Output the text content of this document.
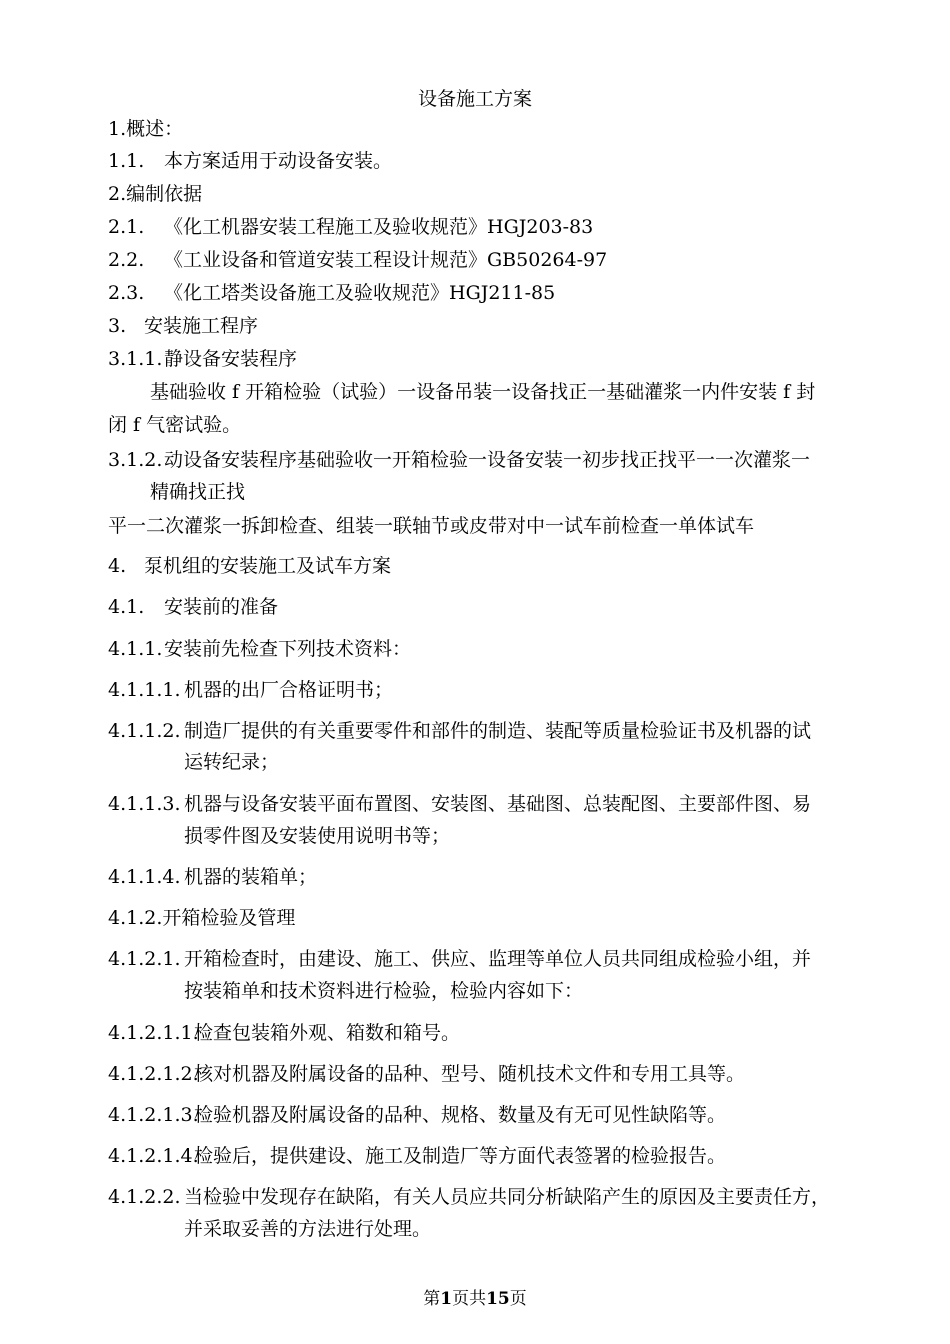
设备施工方案
1.概述：
1.1. 本方案适用于动设备安装。
2.编制依据
2.1. 《化工机器安装工程施工及验收规范》HGJ203-83
2.2. 《工业设备和管道安装工程设计规范》GB50264-97
2.3. 《化工塔类设备施工及验收规范》HGJ211-85
3. 安装施工程序
3.1.1.静设备安装程序
基础验收 f 开箱检验（试验）一设备吊装一设备找正一基础灌浆一内件安装 f 封
闭 f 气密试验。
3.1.2.动设备安装程序基础验收一开箱检验一设备安装一初步找正找平一一次灌浆一
精确找正找
平一二次灌浆一拆卸检查、组装一联轴节或皮带对中一试车前检查一单体试车
4. 泵机组的安装施工及试车方案
4.1. 安装前的准备
4.1.1.安装前先检查下列技术资料：
4.1.1.1. 机器的出厂合格证明书；
4.1.1.2. 制造厂提供的有关重要零件和部件的制造、装配等质量检验证书及机器的试
运转纪录；
4.1.1.3. 机器与设备安装平面布置图、安装图、基础图、总装配图、主要部件图、易
损零件图及安装使用说明书等；
4.1.1.4. 机器的装箱单；
4.1.2.开箱检验及管理
4.1.2.1. 开箱检查时，由建设、施工、供应、监理等单位人员共同组成检验小组，并
按装箱单和技术资料进行检验，检验内容如下：
4.1.2.1.1.检查包装箱外观、箱数和箱号。
4.1.2.1.2.核对机器及附属设备的品种、型号、随机技术文件和专用工具等。
4.1.2.1.3.检验机器及附属设备的品种、规格、数量及有无可见性缺陷等。
4.1.2.1.4.检验后，提供建设、施工及制造厂等方面代表签署的检验报告。
4.1.2.2. 当检验中发现存在缺陷，有关人员应共同分析缺陷产生的原因及主要责任方，
并采取妥善的方法进行处理。
第1页共15页
